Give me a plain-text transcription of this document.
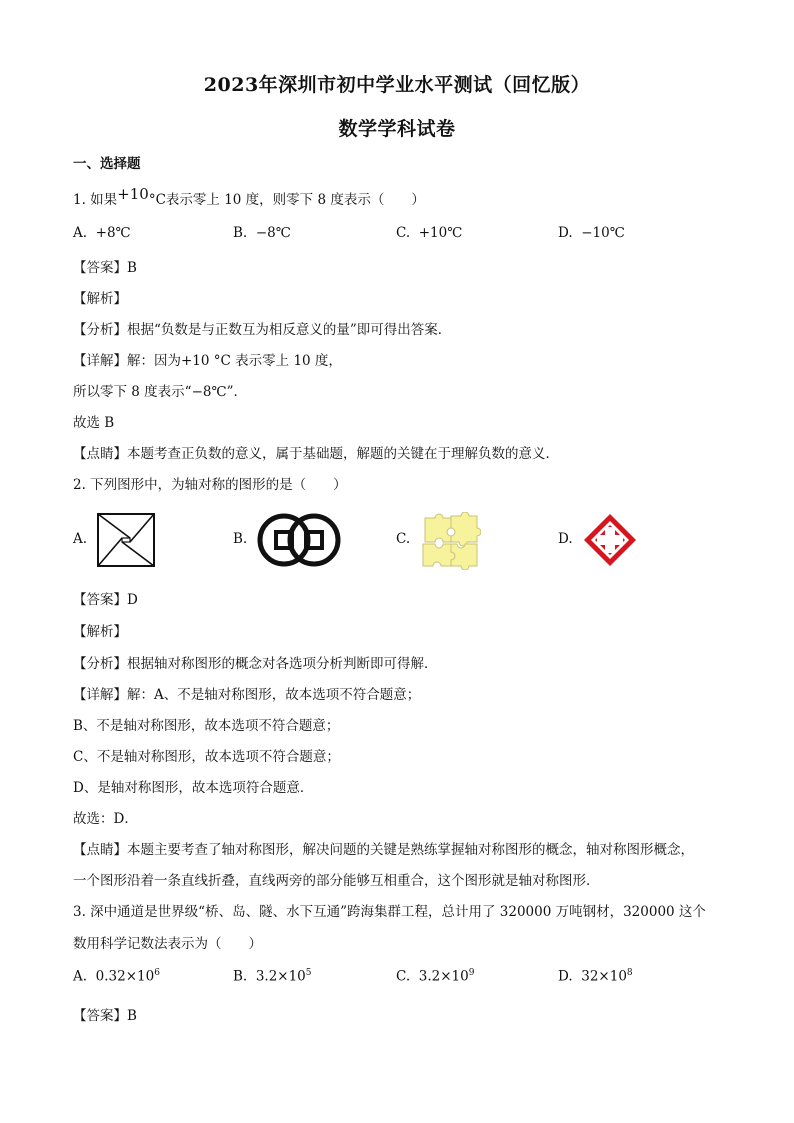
2023年深圳市初中学业水平测试（回忆版）
数学学科试卷
一、选择题
1. 如果+10°C表示零上 10 度，则零下 8 度表示（　　）
A. +8℃	B. −8℃	C. +10℃	D. −10℃
【答案】B
【解析】
【分析】根据“负数是与正数互为相反意义的量”即可得出答案．
【详解】解：因为+10 °C 表示零上 10 度，
所以零下 8 度表示“−8℃”．
故选 B
【点睛】本题考查正负数的意义，属于基础题，解题的关键在于理解负数的意义．
2. 下列图形中，为轴对称的图形的是（　　）
A.	B.	C.	D.
【答案】D
【解析】
【分析】根据轴对称图形的概念对各选项分析判断即可得解．
【详解】解：A、不是轴对称图形，故本选项不符合题意；
B、不是轴对称图形，故本选项不符合题意；
C、不是轴对称图形，故本选项不符合题意；
D、是轴对称图形，故本选项符合题意．
故选：D．
【点睛】本题主要考查了轴对称图形，解决问题的关键是熟练掌握轴对称图形的概念，轴对称图形概念，
一个图形沿着一条直线折叠，直线两旁的部分能够互相重合，这个图形就是轴对称图形．
3. 深中通道是世界级“桥、岛、隧、水下互通”跨海集群工程，总计用了 320000 万吨钢材，320000 这个
数用科学记数法表示为（　　）
A. $0.32\times 10^6$	B. $3.2\times 10^5$	C. $3.2\times 10^9$	D. $32\times 10^8$
【答案】B
